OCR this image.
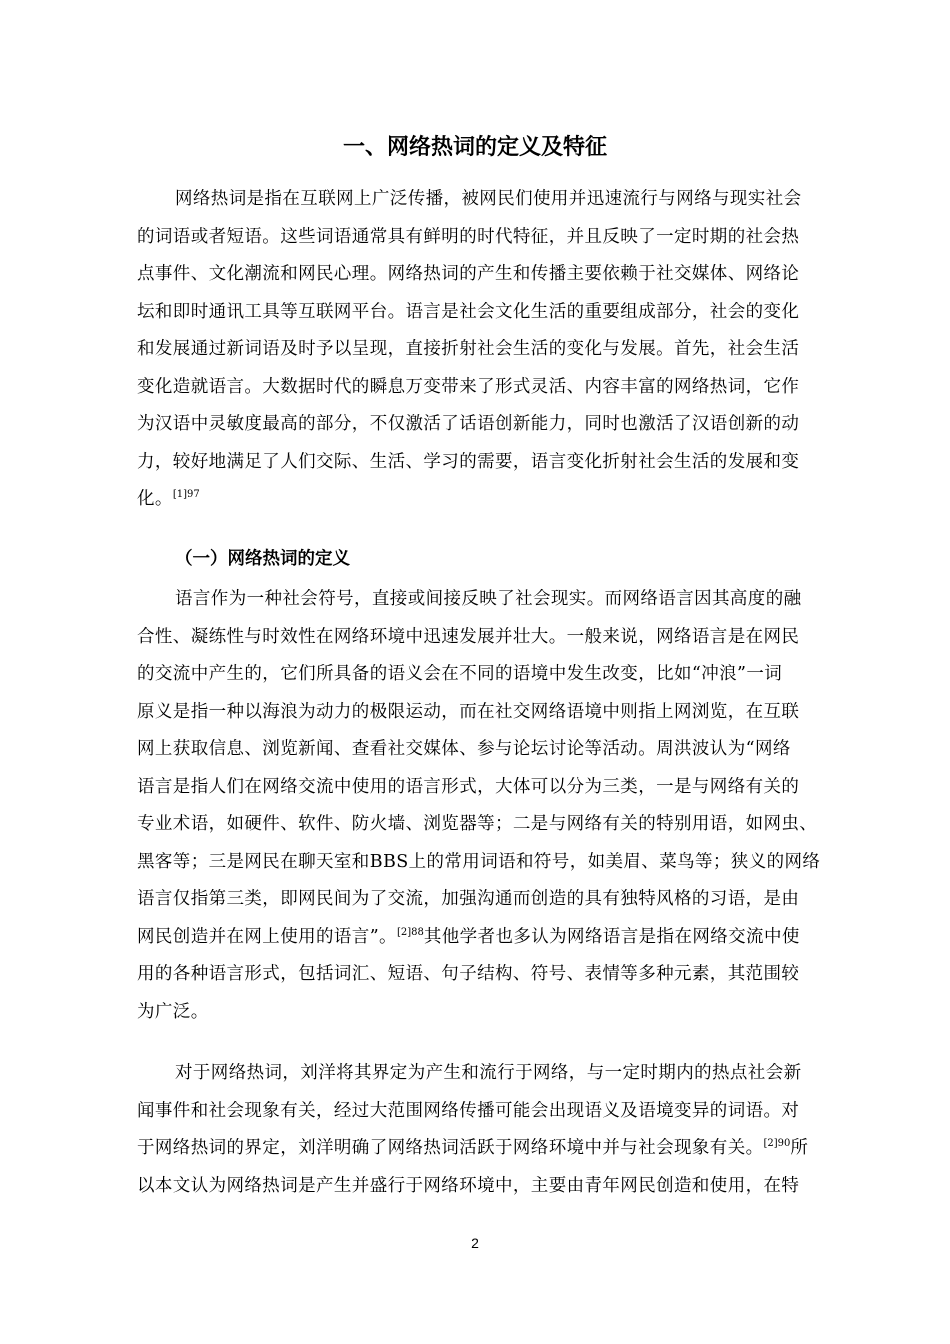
一、网络热词的定义及特征

网络热词是指在互联网上广泛传播，被网民们使用并迅速流行与网络与现实社会
的词语或者短语。这些词语通常具有鲜明的时代特征，并且反映了一定时期的社会热
点事件、文化潮流和网民心理。网络热词的产生和传播主要依赖于社交媒体、网络论
坛和即时通讯工具等互联网平台。语言是社会文化生活的重要组成部分，社会的变化
和发展通过新词语及时予以呈现，直接折射社会生活的变化与发展。首先，社会生活
变化造就语言。大数据时代的瞬息万变带来了形式灵活、内容丰富的网络热词，它作
为汉语中灵敏度最高的部分，不仅激活了话语创新能力，同时也激活了汉语创新的动
力，较好地满足了人们交际、生活、学习的需要，语言变化折射社会生活的发展和变
化。$^{[1]97}$

（一）网络热词的定义

语言作为一种社会符号，直接或间接反映了社会现实。而网络语言因其高度的融
合性、凝练性与时效性在网络环境中迅速发展并壮大。一般来说，网络语言是在网民
的交流中产生的，它们所具备的语义会在不同的语境中发生改变，比如“冲浪”一词
原义是指一种以海浪为动力的极限运动，而在社交网络语境中则指上网浏览，在互联
网上获取信息、浏览新闻、查看社交媒体、参与论坛讨论等活动。周洪波认为“网络
语言是指人们在网络交流中使用的语言形式，大体可以分为三类，一是与网络有关的
专业术语，如硬件、软件、防火墙、浏览器等；二是与网络有关的特别用语，如网虫、
黑客等；三是网民在聊天室和BBS上的常用词语和符号，如美眉、菜鸟等；狭义的网络
语言仅指第三类，即网民间为了交流，加强沟通而创造的具有独特风格的习语，是由
网民创造并在网上使用的语言”。$^{[2]88}$其他学者也多认为网络语言是指在网络交流中使
用的各种语言形式，包括词汇、短语、句子结构、符号、表情等多种元素，其范围较
为广泛。

对于网络热词，刘洋将其界定为产生和流行于网络，与一定时期内的热点社会新
闻事件和社会现象有关，经过大范围网络传播可能会出现语义及语境变异的词语。对
于网络热词的界定，刘洋明确了网络热词活跃于网络环境中并与社会现象有关。$^{[2]90}$所
以本文认为网络热词是产生并盛行于网络环境中，主要由青年网民创造和使用，在特

2
